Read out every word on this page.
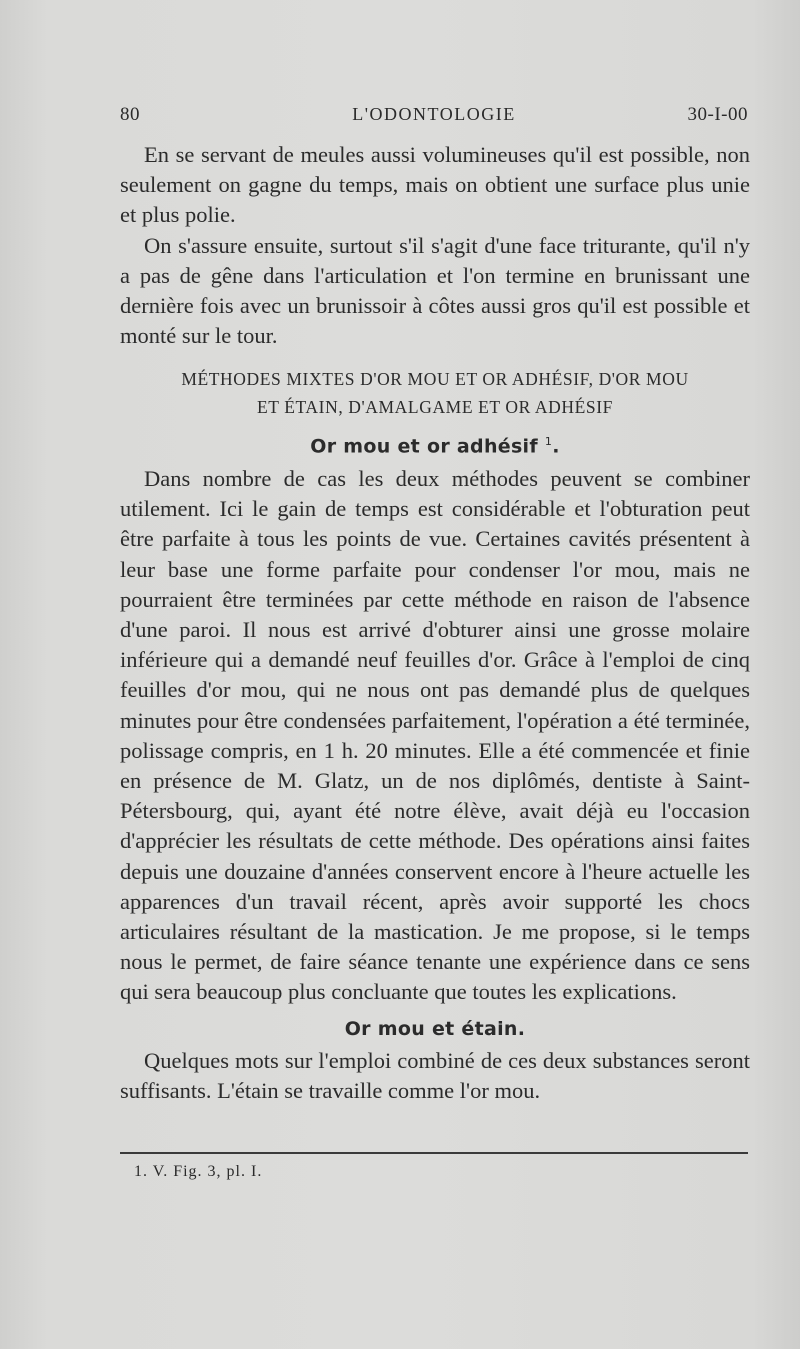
80	L'ODONTOLOGIE	30-I-00

En se servant de meules aussi volumineuses qu'il est possible, non seulement on gagne du temps, mais on obtient une surface plus unie et plus polie.

On s'assure ensuite, surtout s'il s'agit d'une face triturante, qu'il n'y a pas de gêne dans l'articulation et l'on termine en brunissant une dernière fois avec un brunissoir à côtes aussi gros qu'il est possible et monté sur le tour.

MÉTHODES MIXTES D'OR MOU ET OR ADHÉSIF, D'OR MOU
ET ÉTAIN, D'AMALGAME ET OR ADHÉSIF
Or mou et or adhésif $^1$.

Dans nombre de cas les deux méthodes peuvent se combiner utilement. Ici le gain de temps est considérable et l'obturation peut être parfaite à tous les points de vue. Certaines cavités présentent à leur base une forme parfaite pour condenser l'or mou, mais ne pourraient être terminées par cette méthode en raison de l'absence d'une paroi. Il nous est arrivé d'obturer ainsi une grosse molaire inférieure qui a demandé neuf feuilles d'or. Grâce à l'emploi de cinq feuilles d'or mou, qui ne nous ont pas demandé plus de quelques minutes pour être condensées parfaitement, l'opération a été terminée, polissage compris, en 1 h. 20 minutes. Elle a été commencée et finie en présence de M. Glatz, un de nos diplômés, dentiste à Saint-Pétersbourg, qui, ayant été notre élève, avait déjà eu l'occasion d'apprécier les résultats de cette méthode. Des opérations ainsi faites depuis une douzaine d'années conservent encore à l'heure actuelle les apparences d'un travail récent, après avoir supporté les chocs articulaires résultant de la mastication. Je me propose, si le temps nous le permet, de faire séance tenante une expérience dans ce sens qui sera beaucoup plus concluante que toutes les explications.

Or mou et étain.

Quelques mots sur l'emploi combiné de ces deux substances seront suffisants. L'étain se travaille comme l'or mou.

1. V. Fig. 3, pl. I.
